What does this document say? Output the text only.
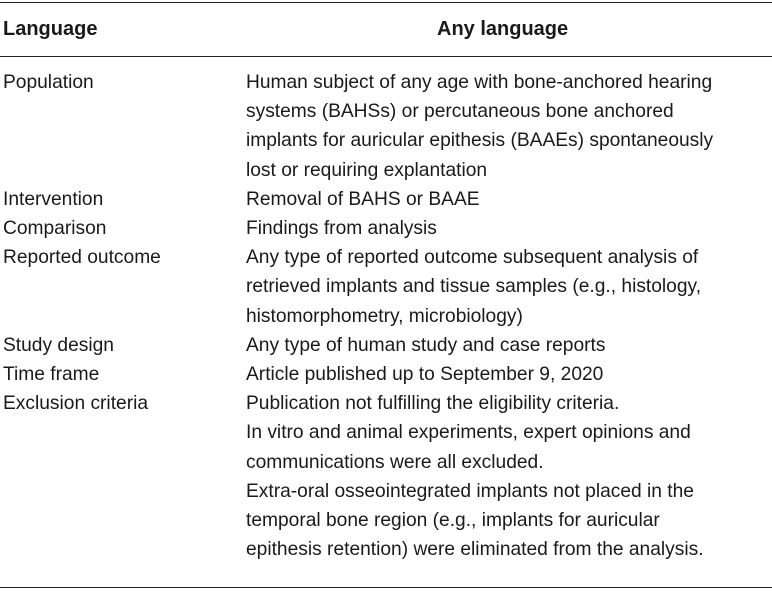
Language	Any language
Population	Human subject of any age with bone-anchored hearing
systems (BAHSs) or percutaneous bone anchored
implants for auricular epithesis (BAAEs) spontaneously
lost or requiring explantation
Intervention	Removal of BAHS or BAAE
Comparison	Findings from analysis
Reported outcome	Any type of reported outcome subsequent analysis of
retrieved implants and tissue samples (e.g., histology,
histomorphometry, microbiology)
Study design	Any type of human study and case reports
Time frame	Article published up to September 9, 2020
Exclusion criteria	Publication not fulfilling the eligibility criteria.
In vitro and animal experiments, expert opinions and
communications were all excluded.
Extra-oral osseointegrated implants not placed in the
temporal bone region (e.g., implants for auricular
epithesis retention) were eliminated from the analysis.
